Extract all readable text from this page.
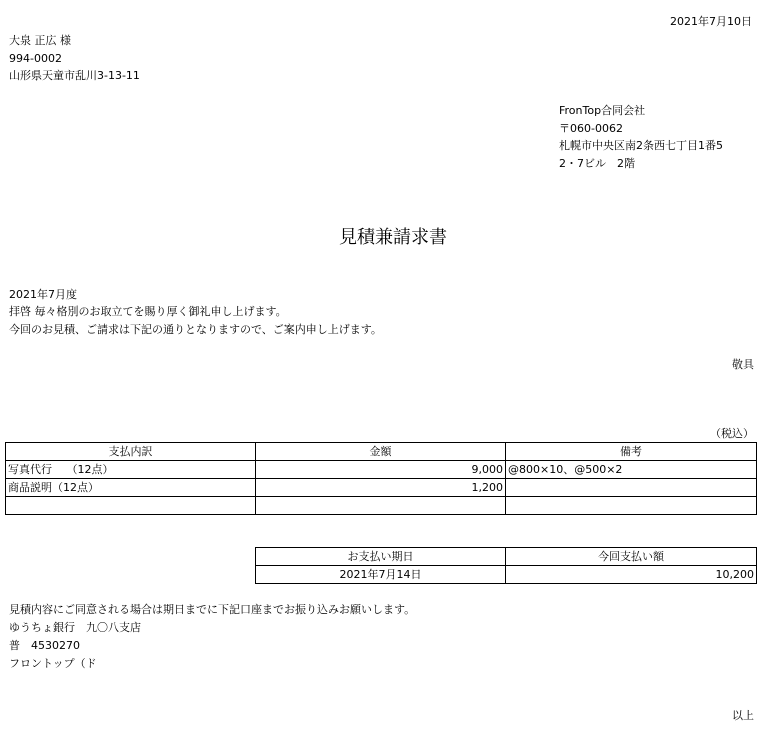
2021年7月10日
大泉 正広 様
994-0002
山形県天童市乱川3-13-11
FronTop合同会社
〒060-0062
札幌市中央区南2条西七丁目1番5
2・7ビル　2階
見積兼請求書
2021年7月度
拝啓 毎々格別のお取立てを賜り厚く御礼申し上げます。
今回のお見積、ご請求は下記の通りとなりますので、ご案内申し上げます。
敬具
（税込）
支払内訳	金額	備考
写真代行　 （12点）	9,000	@800×10、@500×2
商品説明（12点）	1,200	

お支払い期日	今回支払い額
2021年7月14日	10,200
見積内容にご同意される場合は期日までに下記口座までお振り込みお願いします。
ゆうちょ銀行　九〇八支店
普　4530270
フロントップ（ド
以上
